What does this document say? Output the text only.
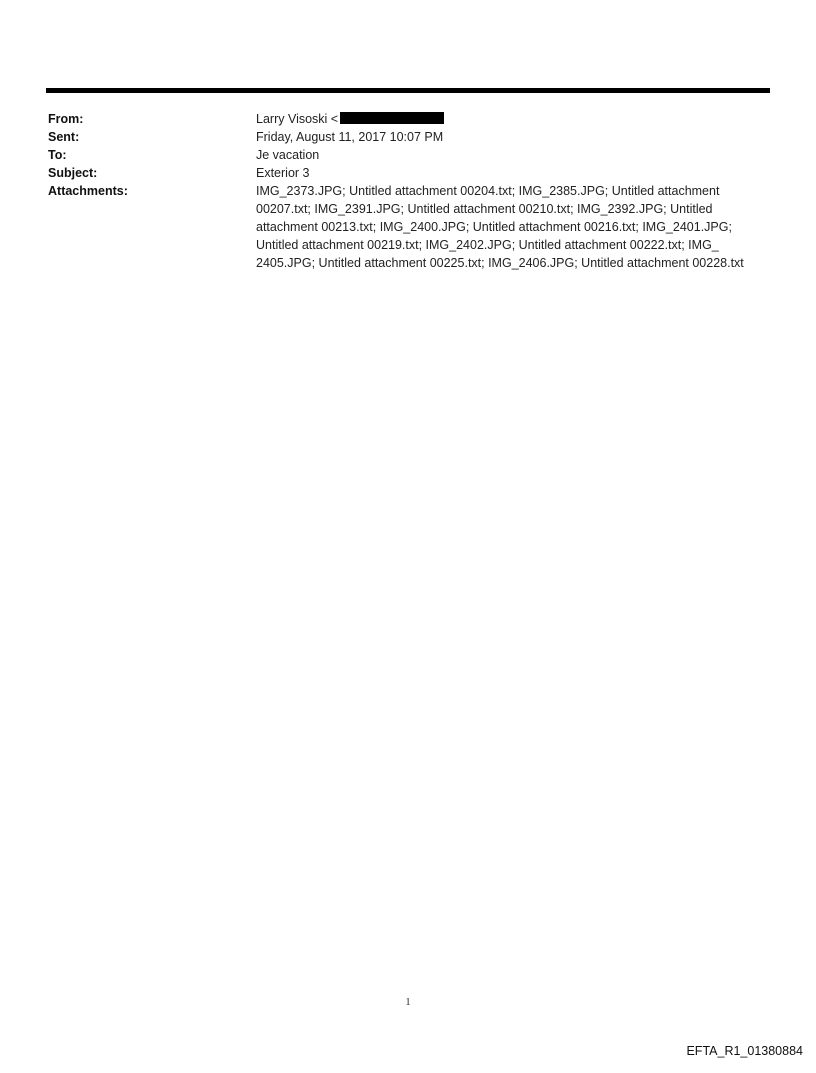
From:	Larry Visoski <
Sent:	Friday, August 11, 2017 10:07 PM
To:	Je vacation
Subject:	Exterior 3
Attachments:	IMG_2373.JPG; Untitled attachment 00204.txt; IMG_2385.JPG; Untitled attachment
00207.txt; IMG_2391.JPG; Untitled attachment 00210.txt; IMG_2392.JPG; Untitled
attachment 00213.txt; IMG_2400.JPG; Untitled attachment 00216.txt; IMG_2401.JPG;
Untitled attachment 00219.txt; IMG_2402.JPG; Untitled attachment 00222.txt; IMG_
2405.JPG; Untitled attachment 00225.txt; IMG_2406.JPG; Untitled attachment 00228.txt
1
EFTA_R1_01380884
